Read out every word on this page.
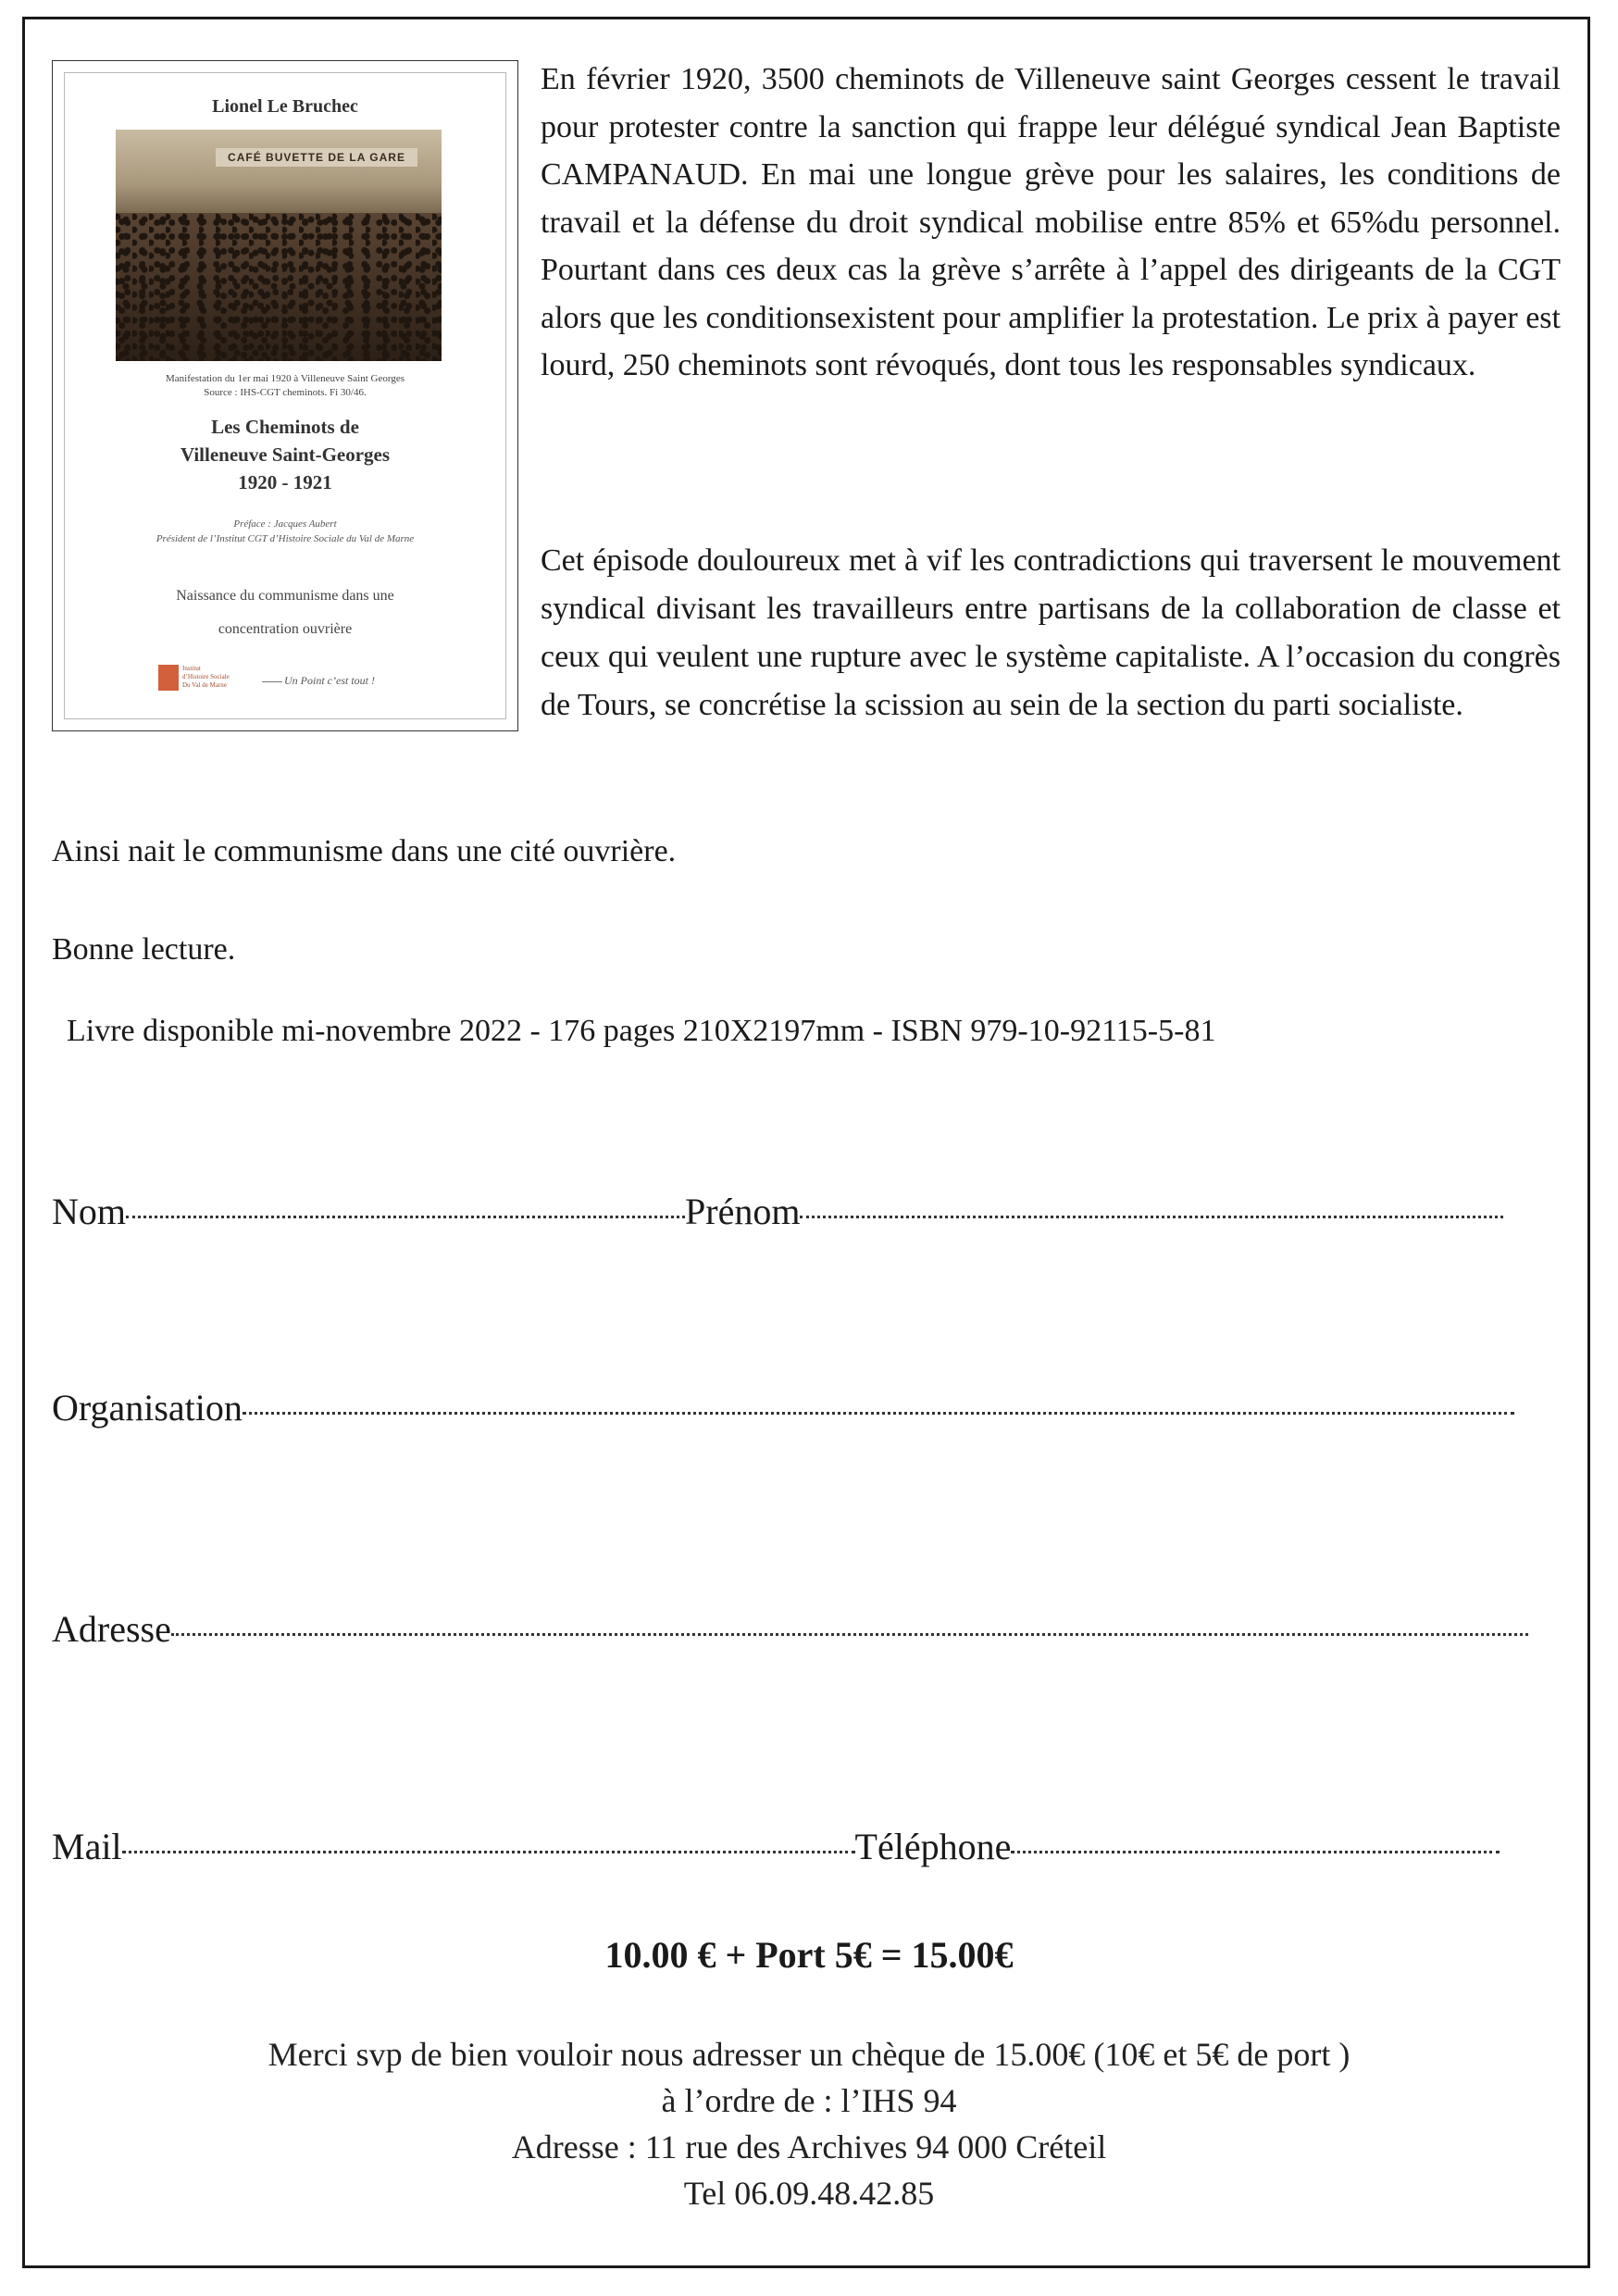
Lionel Le Bruchec
CAFÉ BUVETTE DE LA GARE
Manifestation du 1er mai 1920 à Villeneuve Saint Georges
Source : IHS-CGT cheminots. Fi 30/46.
Les Cheminots de
Villeneuve Saint-Georges
1920 - 1921
Préface : Jacques Aubert
Président de l’Institut CGT d’Histoire Sociale du Val de Marne
Naissance du communisme dans une
concentration ouvrière
Institut
d’Histoire Sociale
Du Val de Marne	Un Point c’est tout !

En février 1920, 3500 cheminots de Villeneuve saint Georges cessent le travail pour protester contre la sanction qui frappe leur délégué syndical Jean Baptiste CAMPANAUD. En mai une longue grève pour les salaires, les conditions de travail et la défense du droit syndical mobilise entre 85% et 65%du personnel. Pourtant dans ces deux cas la grève s’arrête à l’appel des dirigeants de la CGT alors que les conditionsexistent pour amplifier la protestation. Le prix à payer est lourd, 250 cheminots sont révoqués, dont tous les responsables syndicaux.

Cet épisode douloureux met à vif les contradictions qui traversent le mouvement syndical divisant les travailleurs entre partisans de la collaboration de classe et ceux qui veulent une rupture avec le système capitaliste. A l’occasion du congrès de Tours, se concrétise la scission au sein de la section du parti socialiste.

Ainsi nait le communisme dans une cité ouvrière.

Bonne lecture.

Livre disponible mi-novembre 2022 - 176 pages 210X2197mm - ISBN 979-10-92115-5-81

Nom	Prénom
Organisation
Adresse
Mail	Téléphone
10.00 € + Port 5€ = 15.00€
Merci svp de bien vouloir nous adresser un chèque de 15.00€ (10€ et 5€ de port )
à l’ordre de : l’IHS 94
Adresse : 11 rue des Archives 94 000 Créteil
Tel 06.09.48.42.85
